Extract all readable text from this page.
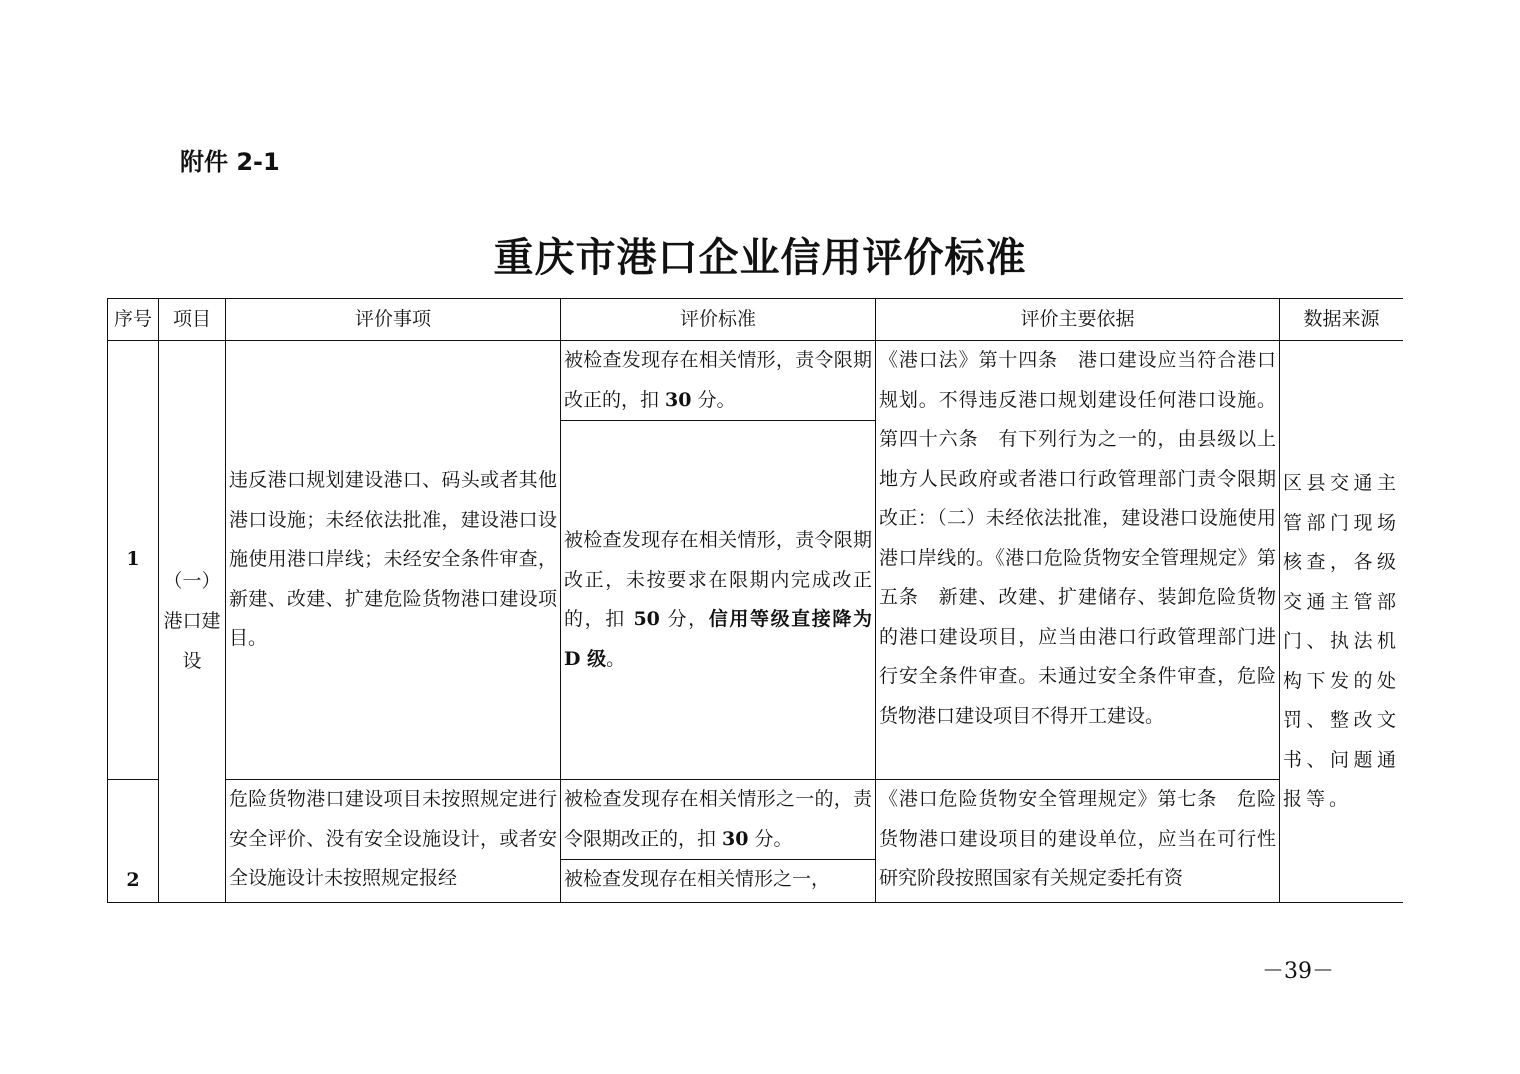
附件 2-1
重庆市港口企业信用评价标准
序号	项目	评价事项	评价标准	评价主要依据	数据来源
1	（一）港口建设	违反港口规划建设港口、码头或者其他港口设施；未经依法批准，建设港口设施使用港口岸线；未经安全条件审查，新建、改建、扩建危险货物港口建设项目。	被检查发现存在相关情形，责令限期改正的，扣 30 分。	《港口法》第十四条　港口建设应当符合港口规划。不得违反港口规划建设任何港口设施。第四十六条　有下列行为之一的，由县级以上地方人民政府或者港口行政管理部门责令限期改正：（二）未经依法批准，建设港口设施使用港口岸线的。《港口危险货物安全管理规定》第五条　新建、改建、扩建储存、装卸危险货物的港口建设项目，应当由港口行政管理部门进行安全条件审查。未通过安全条件审查，危险货物港口建设项目不得开工建设。	区县交通主管部门现场核查，各级交通主管部门、执法机构下发的处罚、整改文书、问题通报等。
			被检查发现存在相关情形，责令限期改正，未按要求在限期内完成改正的，扣 50 分，信用等级直接降为 D 级。		
2		危险货物港口建设项目未按照规定进行安全评价、没有安全设施设计，或者安全设施设计未按照规定报经	被检查发现存在相关情形之一的，责令限期改正的，扣 30 分。	《港口危险货物安全管理规定》第七条　危险货物港口建设项目的建设单位，应当在可行性研究阶段按照国家有关规定委托有资	
			被检查发现存在相关情形之一，		

－39－
